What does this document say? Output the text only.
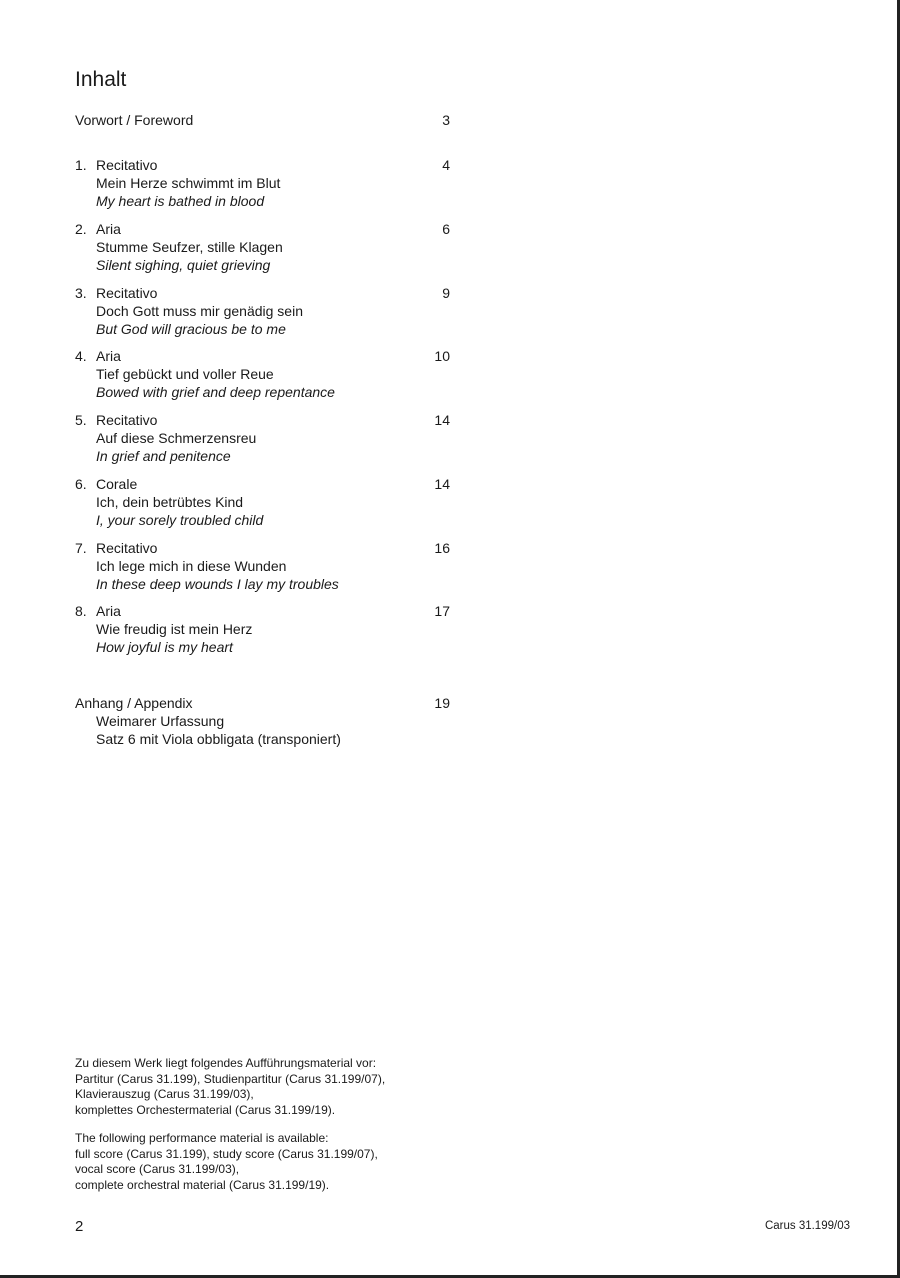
Inhalt
Vorwort / Foreword	3
1. Recitativo
Mein Herze schwimmt im Blut
My heart is bathed in blood
4
2. Aria
Stumme Seufzer, stille Klagen
Silent sighing, quiet grieving
6
3. Recitativo
Doch Gott muss mir genädig sein
But God will gracious be to me
9
4. Aria
Tief gebückt und voller Reue
Bowed with grief and deep repentance
10
5. Recitativo
Auf diese Schmerzensreu
In grief and penitence
14
6. Corale
Ich, dein betrübtes Kind
I, your sorely troubled child
14
7. Recitativo
Ich lege mich in diese Wunden
In these deep wounds I lay my troubles
16
8. Aria
Wie freudig ist mein Herz
How joyful is my heart
17
Anhang / Appendix
Weimarer Urfassung
Satz 6 mit Viola obbligata (transponiert)
19
Zu diesem Werk liegt folgendes Aufführungsmaterial vor:
Partitur (Carus 31.199), Studienpartitur (Carus 31.199/07),
Klavierauszug (Carus 31.199/03),
komplettes Orchestermaterial (Carus 31.199/19).
The following performance material is available:
full score (Carus 31.199), study score (Carus 31.199/07),
vocal score (Carus 31.199/03),
complete orchestral material (Carus 31.199/19).
2	Carus 31.199/03
